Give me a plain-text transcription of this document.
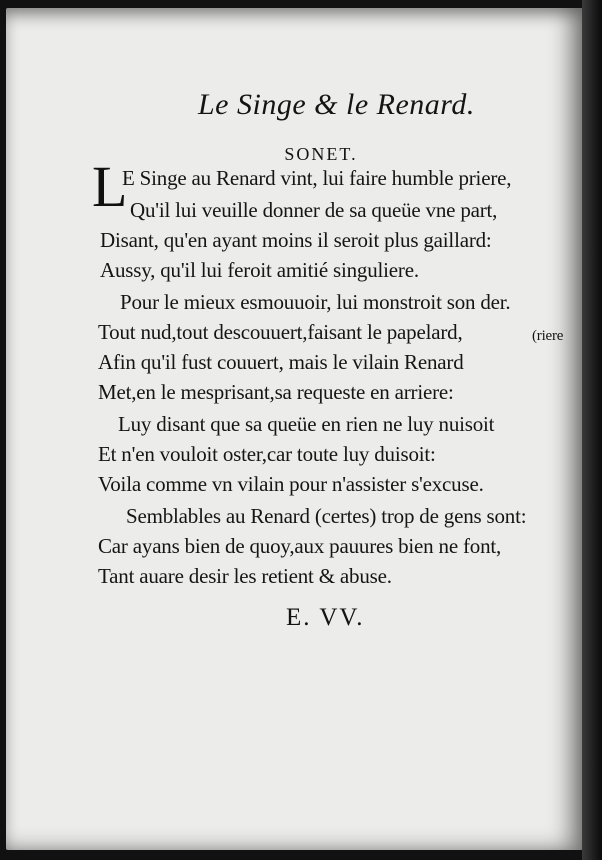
Le Singe & le Renard.
SONET.
L
E Singe au Renard vint, lui faire humble priere,
Qu'il lui veuille donner de sa queüe vne part,
Disant, qu'en ayant moins il seroit plus gaillard:
Aussy, qu'il lui feroit amitié singuliere.
Pour le mieux esmouuoir, lui monstroit son der.
Tout nud,tout descouuert,faisant le papelard,	(riere
Afin qu'il fust couuert, mais le vilain Renard
Met,en le mesprisant,sa requeste en arriere:
Luy disant que sa queüe en rien ne luy nuisoit
Et n'en vouloit oster,car toute luy duisoit:
Voila comme vn vilain pour n'assister s'excuse.
Semblables au Renard (certes) trop de gens sont:
Car ayans bien de quoy,aux pauures bien ne font,
Tant auare desir les retient & abuse.
E. VV.
